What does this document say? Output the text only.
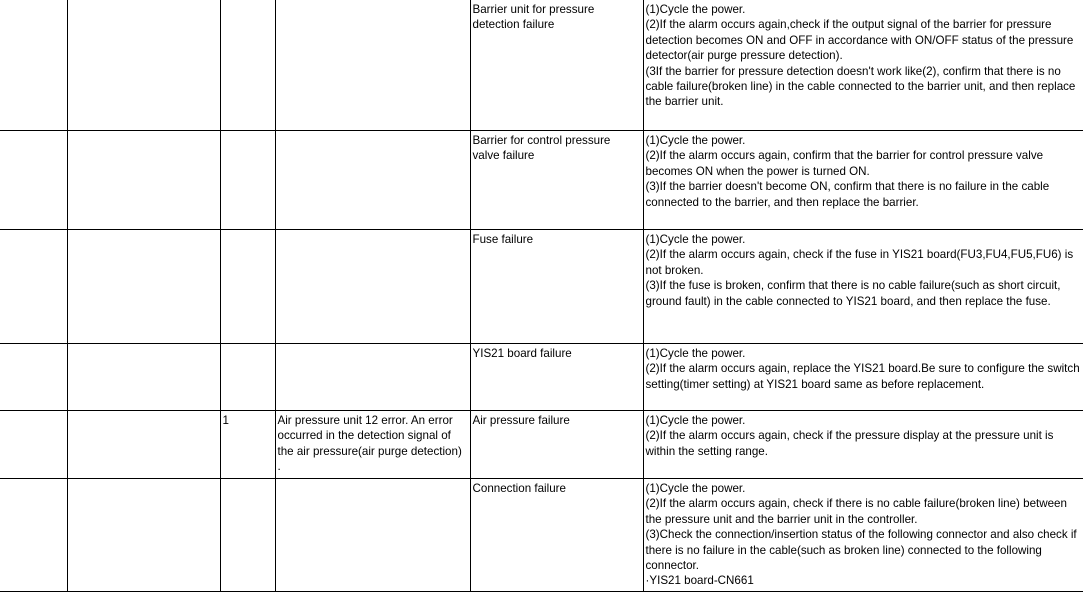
				Barrier unit for pressure detection failure	(1)Cycle the power.
(2)If the alarm occurs again,check if the output signal of the barrier for pressure detection becomes ON and OFF in accordance with ON/OFF status of the pressure detector(air purge pressure detection).
(3If the barrier for pressure detection doesn't work like(2), confirm that there is no cable failure(broken line) in the cable connected to the barrier unit, and then replace the barrier unit.

				Barrier for control pressure valve failure	(1)Cycle the power.
(2)If the alarm occurs again, confirm that the barrier for control pressure valve becomes ON when the power is turned ON.
(3)If the barrier doesn't become ON, confirm that there is no failure in the cable connected to the barrier, and then replace the barrier.

				Fuse failure	(1)Cycle the power.
(2)If the alarm occurs again, check if the fuse in YIS21 board(FU3,FU4,FU5,FU6) is not broken.
(3)If the fuse is broken, confirm that there is no cable failure(such as short circuit, ground fault) in the cable connected to YIS21 board, and then replace the fuse.

				YIS21 board failure	(1)Cycle the power.
(2)If the alarm occurs again, replace the YIS21 board.Be sure to configure the switch setting(timer setting) at YIS21 board same as before replacement.

		1	Air pressure unit 12 error. An error occurred in the detection signal of the air pressure(air purge detection) .	Air pressure failure	(1)Cycle the power.
(2)If the alarm occurs again, check if the pressure display at the pressure unit is within the setting range.

				Connection failure	(1)Cycle the power.
(2)If the alarm occurs again, check if there is no cable failure(broken line) between the pressure unit and the barrier unit in the controller.
(3)Check the connection/insertion status of the following connector and also check if there is no failure in the cable(such as broken line) connected to the following connector.
·YIS21 board-CN661
